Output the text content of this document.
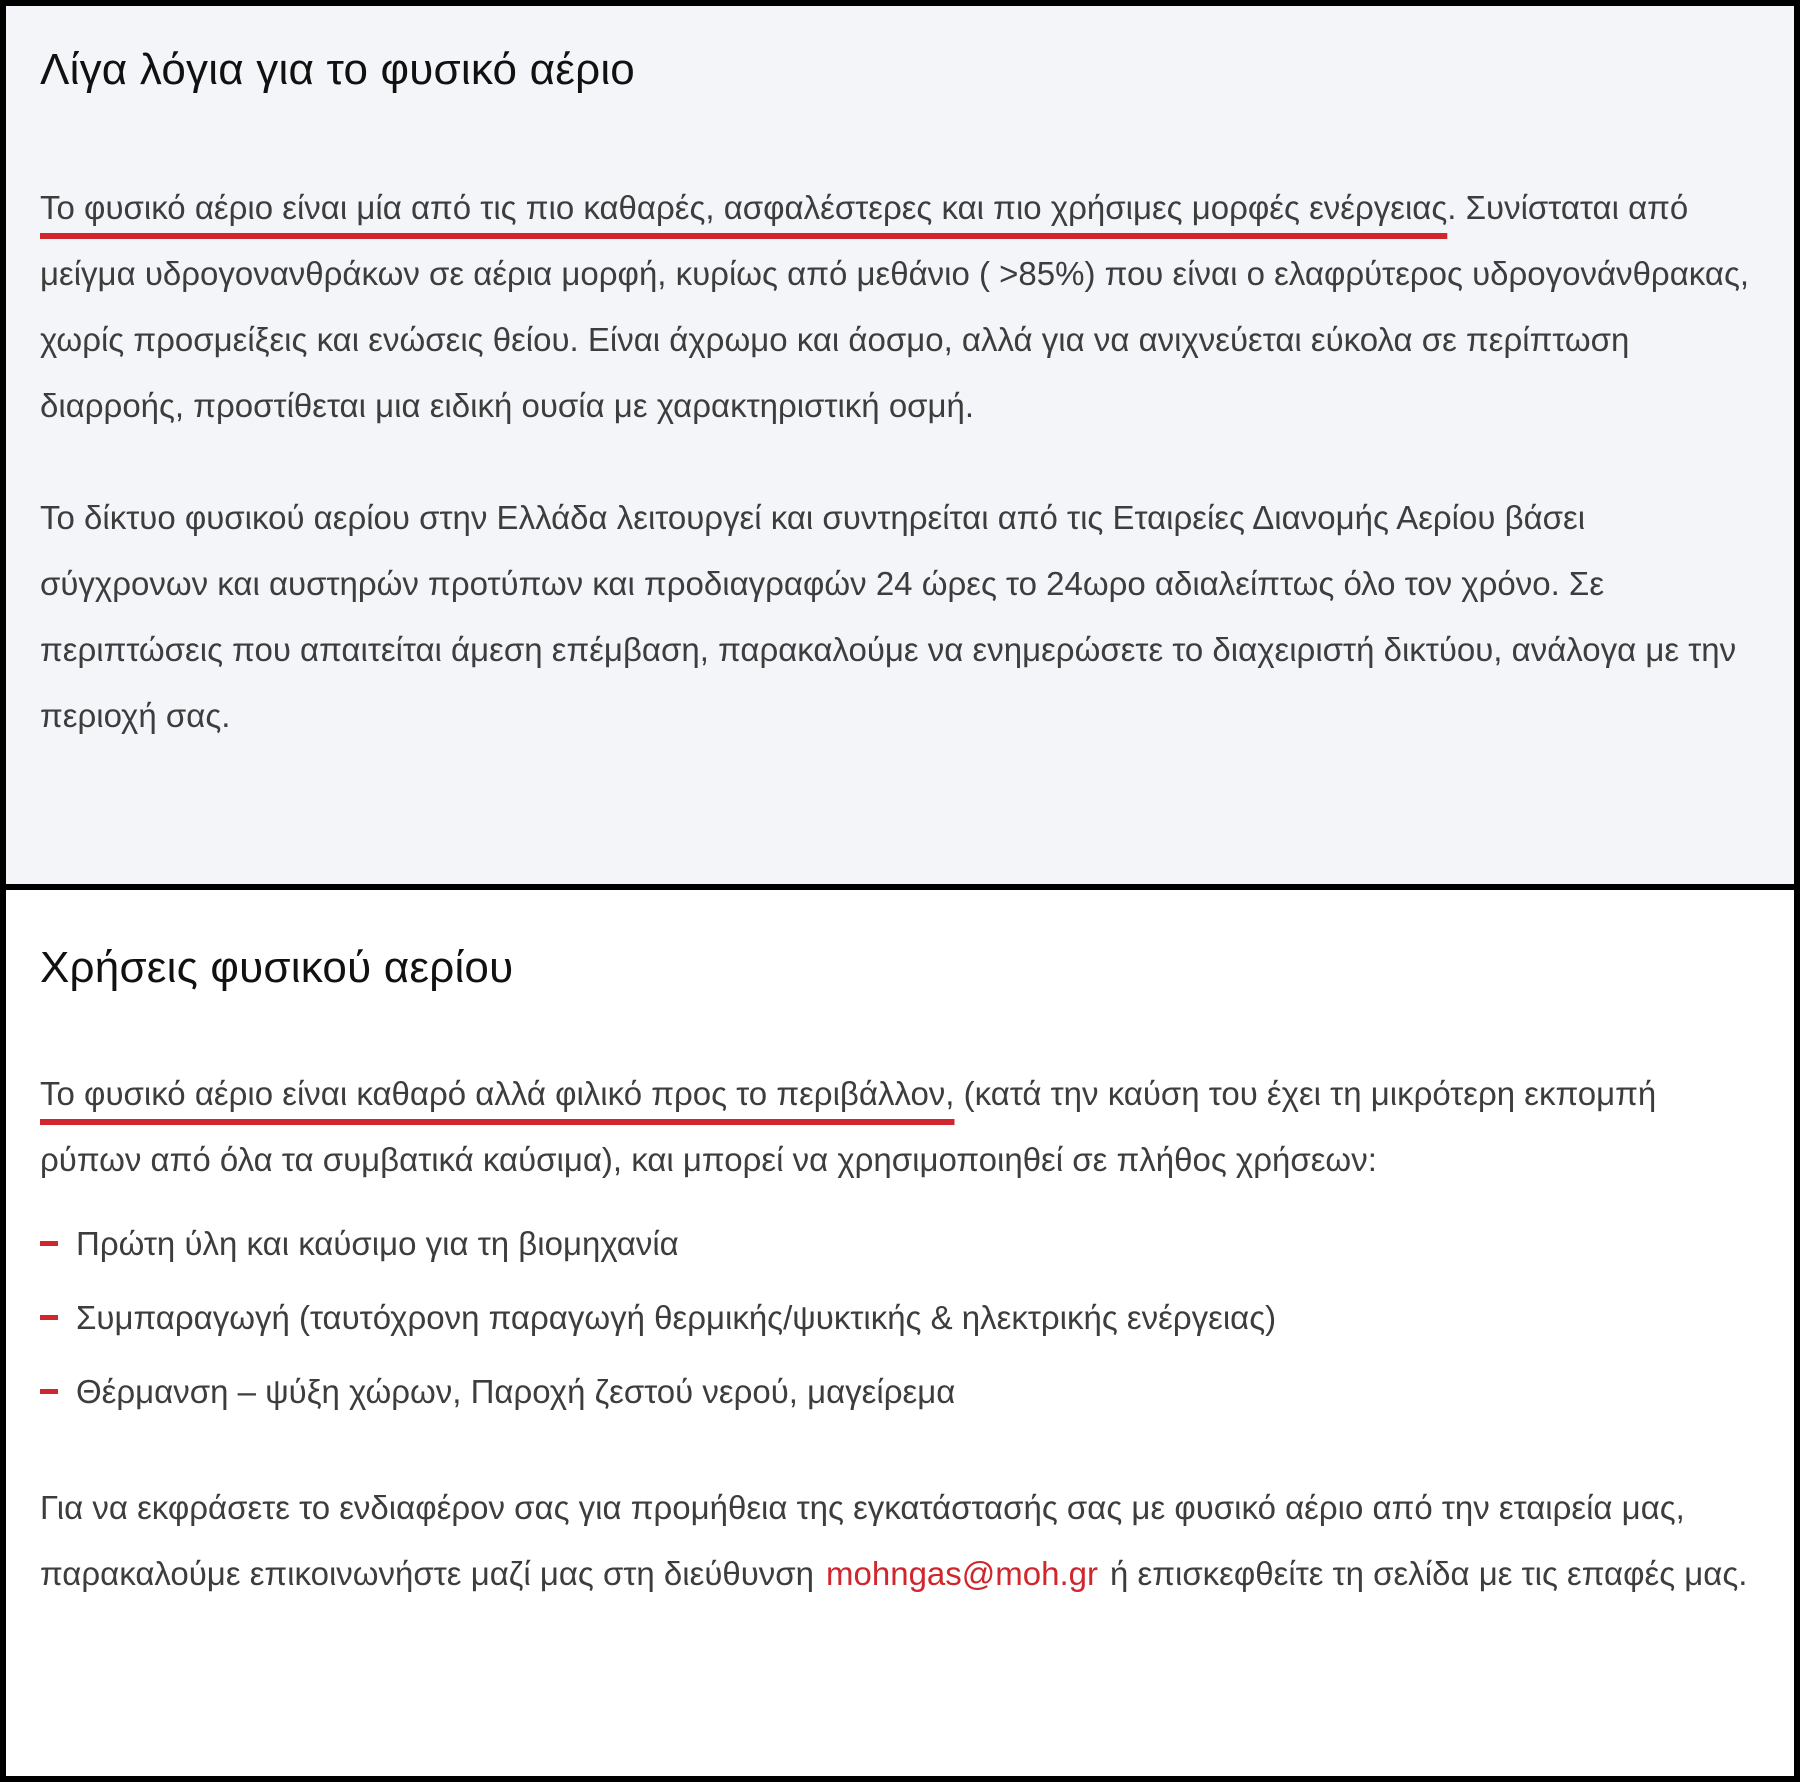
Λίγα λόγια για το φυσικό αέριο

Το φυσικό αέριο είναι μία από τις πιο καθαρές, ασφαλέστερες και πιο χρήσιμες μορφές ενέργειας. Συνίσταται από μείγμα υδρογονανθράκων σε αέρια μορφή, κυρίως από μεθάνιο ( >85%) που είναι ο ελαφρύτερος υδρογονάνθρακας, χωρίς προσμείξεις και ενώσεις θείου. Είναι άχρωμο και άοσμο, αλλά για να ανιχνεύεται εύκολα σε περίπτωση διαρροής, προστίθεται μια ειδική ουσία με χαρακτηριστική οσμή.

Το δίκτυο φυσικού αερίου στην Ελλάδα λειτουργεί και συντηρείται από τις Εταιρείες Διανομής Αερίου βάσει σύγχρονων και αυστηρών προτύπων και προδιαγραφών 24 ώρες το 24ωρο αδιαλείπτως όλο τον χρόνο. Σε περιπτώσεις που απαιτείται άμεση επέμβαση, παρακαλούμε να ενημερώσετε το διαχειριστή δικτύου, ανάλογα με την περιοχή σας.

Χρήσεις φυσικού αερίου

Το φυσικό αέριο είναι καθαρό αλλά φιλικό προς το περιβάλλον, (κατά την καύση του έχει τη μικρότερη εκπομπή ρύπων από όλα τα συμβατικά καύσιμα), και μπορεί να χρησιμοποιηθεί σε πλήθος χρήσεων:

Πρώτη ύλη και καύσιμο για τη βιομηχανία
Συμπαραγωγή (ταυτόχρονη παραγωγή θερμικής/ψυκτικής & ηλεκτρικής ενέργειας)
Θέρμανση – ψύξη χώρων, Παροχή ζεστού νερού, μαγείρεμα

Για να εκφράσετε το ενδιαφέρον σας για προμήθεια της εγκατάστασής σας με φυσικό αέριο από την εταιρεία μας, παρακαλούμε επικοινωνήστε μαζί μας στη διεύθυνση mohngas@moh.gr ή επισκεφθείτε τη σελίδα με τις επαφές μας.
